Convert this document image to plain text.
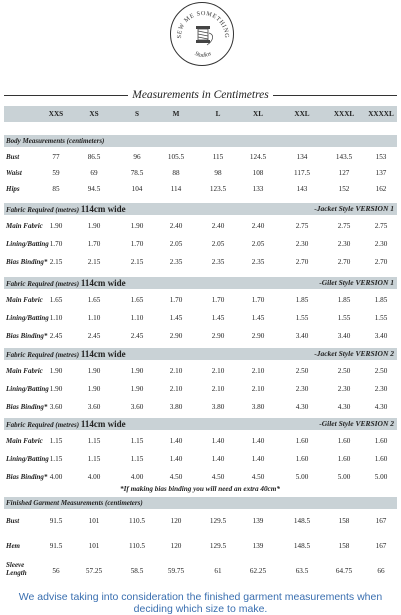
SEW ME SOMETHING
Studios
Measurements in Centimetres
XXS	XS	S	M	L	XL	XXL	XXXL	XXXXL
Body Measurements (centimeters)
Bust	77	86.5	96	105.5	115	124.5	134	143.5	153
Waist	59	69	78.5	88	98	108	117.5	127	137
Hips	85	94.5	104	114	123.5	133	143	152	162
Fabric Required (metres) 114cm wide	-Jacket Style VERSION 1
Main Fabric 1.90	1.90	1.90	2.40	2.40	2.40	2.75	2.75	2.75
Lining/Batting 1.70	1.70	1.70	2.05	2.05	2.05	2.30	2.30	2.30
Bias Binding* 2.15	2.15	2.15	2.35	2.35	2.35	2.70	2.70	2.70
Fabric Required (metres) 114cm wide	-Gilet Style VERSION 1
Main Fabric 1.65	1.65	1.65	1.70	1.70	1.70	1.85	1.85	1.85
Lining/Batting 1.10	1.10	1.10	1.45	1.45	1.45	1.55	1.55	1.55
Bias Binding* 2.45	2.45	2.45	2.90	2.90	2.90	3.40	3.40	3.40
Fabric Required (metres) 114cm wide	-Jacket Style VERSION 2
Main Fabric 1.90	1.90	1.90	2.10	2.10	2.10	2.50	2.50	2.50
Lining/Batting 1.90	1.90	1.90	2.10	2.10	2.10	2.30	2.30	2.30
Bias Binding* 3.60	3.60	3.60	3.80	3.80	3.80	4.30	4.30	4.30
Fabric Required (metres) 114cm wide	-Gilet Style VERSION 2
Main Fabric 1.15	1.15	1.15	1.40	1.40	1.40	1.60	1.60	1.60
Lining/Batting 1.15	1.15	1.15	1.40	1.40	1.40	1.60	1.60	1.60
Bias Binding* 4.00	4.00	4.00	4.50	4.50	4.50	5.00	5.00	5.00
*If making bias binding you will need an extra 40cm*
Finished Garment Measurements (centimeters)
Bust	91.5	101	110.5	120	129.5	139	148.5	158	167
Hem	91.5	101	110.5	120	129.5	139	148.5	158	167
Sleeve Length	56	57.25	58.5	59.75	61	62.25	63.5	64.75	66
We advise taking into consideration the finished garment measurements when deciding which size to make.
